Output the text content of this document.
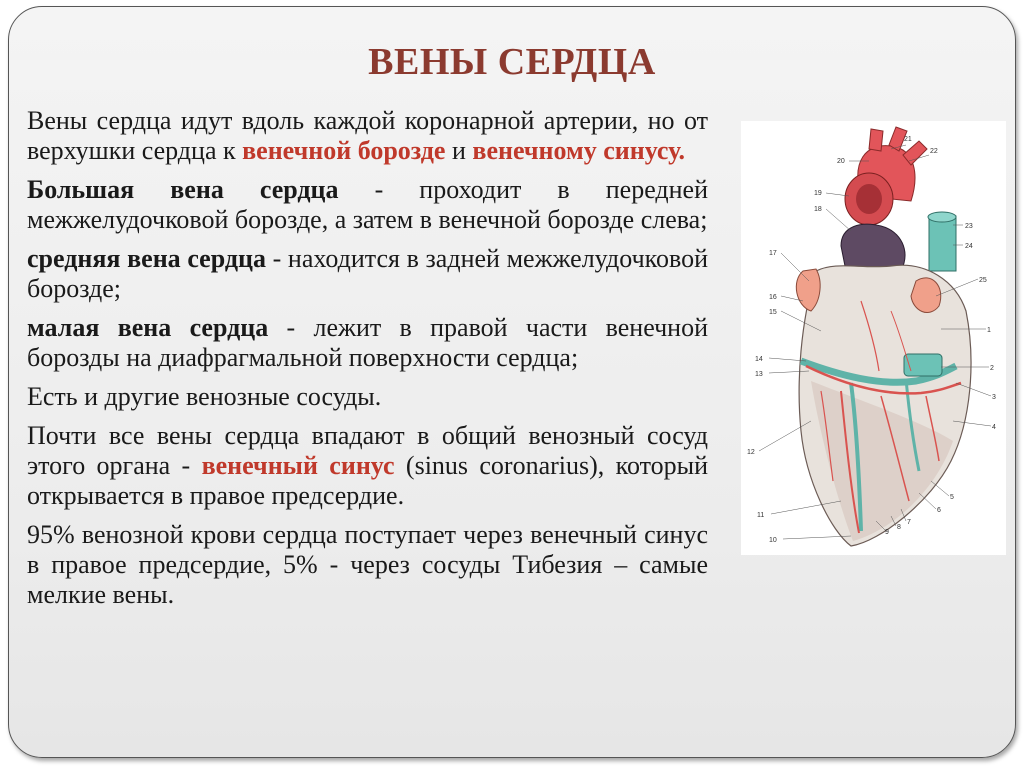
ВЕНЫ СЕРДЦА

Вены сердца идут вдоль каждой коронарной артерии, но от верхушки сердца к венечной борозде и венечному синусу.

Большая вена сердца - проходит в передней межжелудочковой борозде, а затем в венечной борозде слева;

средняя вена сердца - находится в задней межжелудочковой борозде;

малая вена сердца - лежит в правой части венечной борозды на диафрагмальной поверхности сердца;

Есть и другие венозные сосуды.

Почти все вены сердца впадают в общий венозный сосуд этого органа - венечный синус (sinus coronarius), который открывается в правое предсердие.

95% венозной крови сердца поступает через венечный синус в правое предсердие, 5% - через сосуды Тибезия – самые мелкие вены.

20
21
22
19
18
23
24
17
25
16
15
1
14
13
2
3
4
12
5
6
7
8
9
11
10
